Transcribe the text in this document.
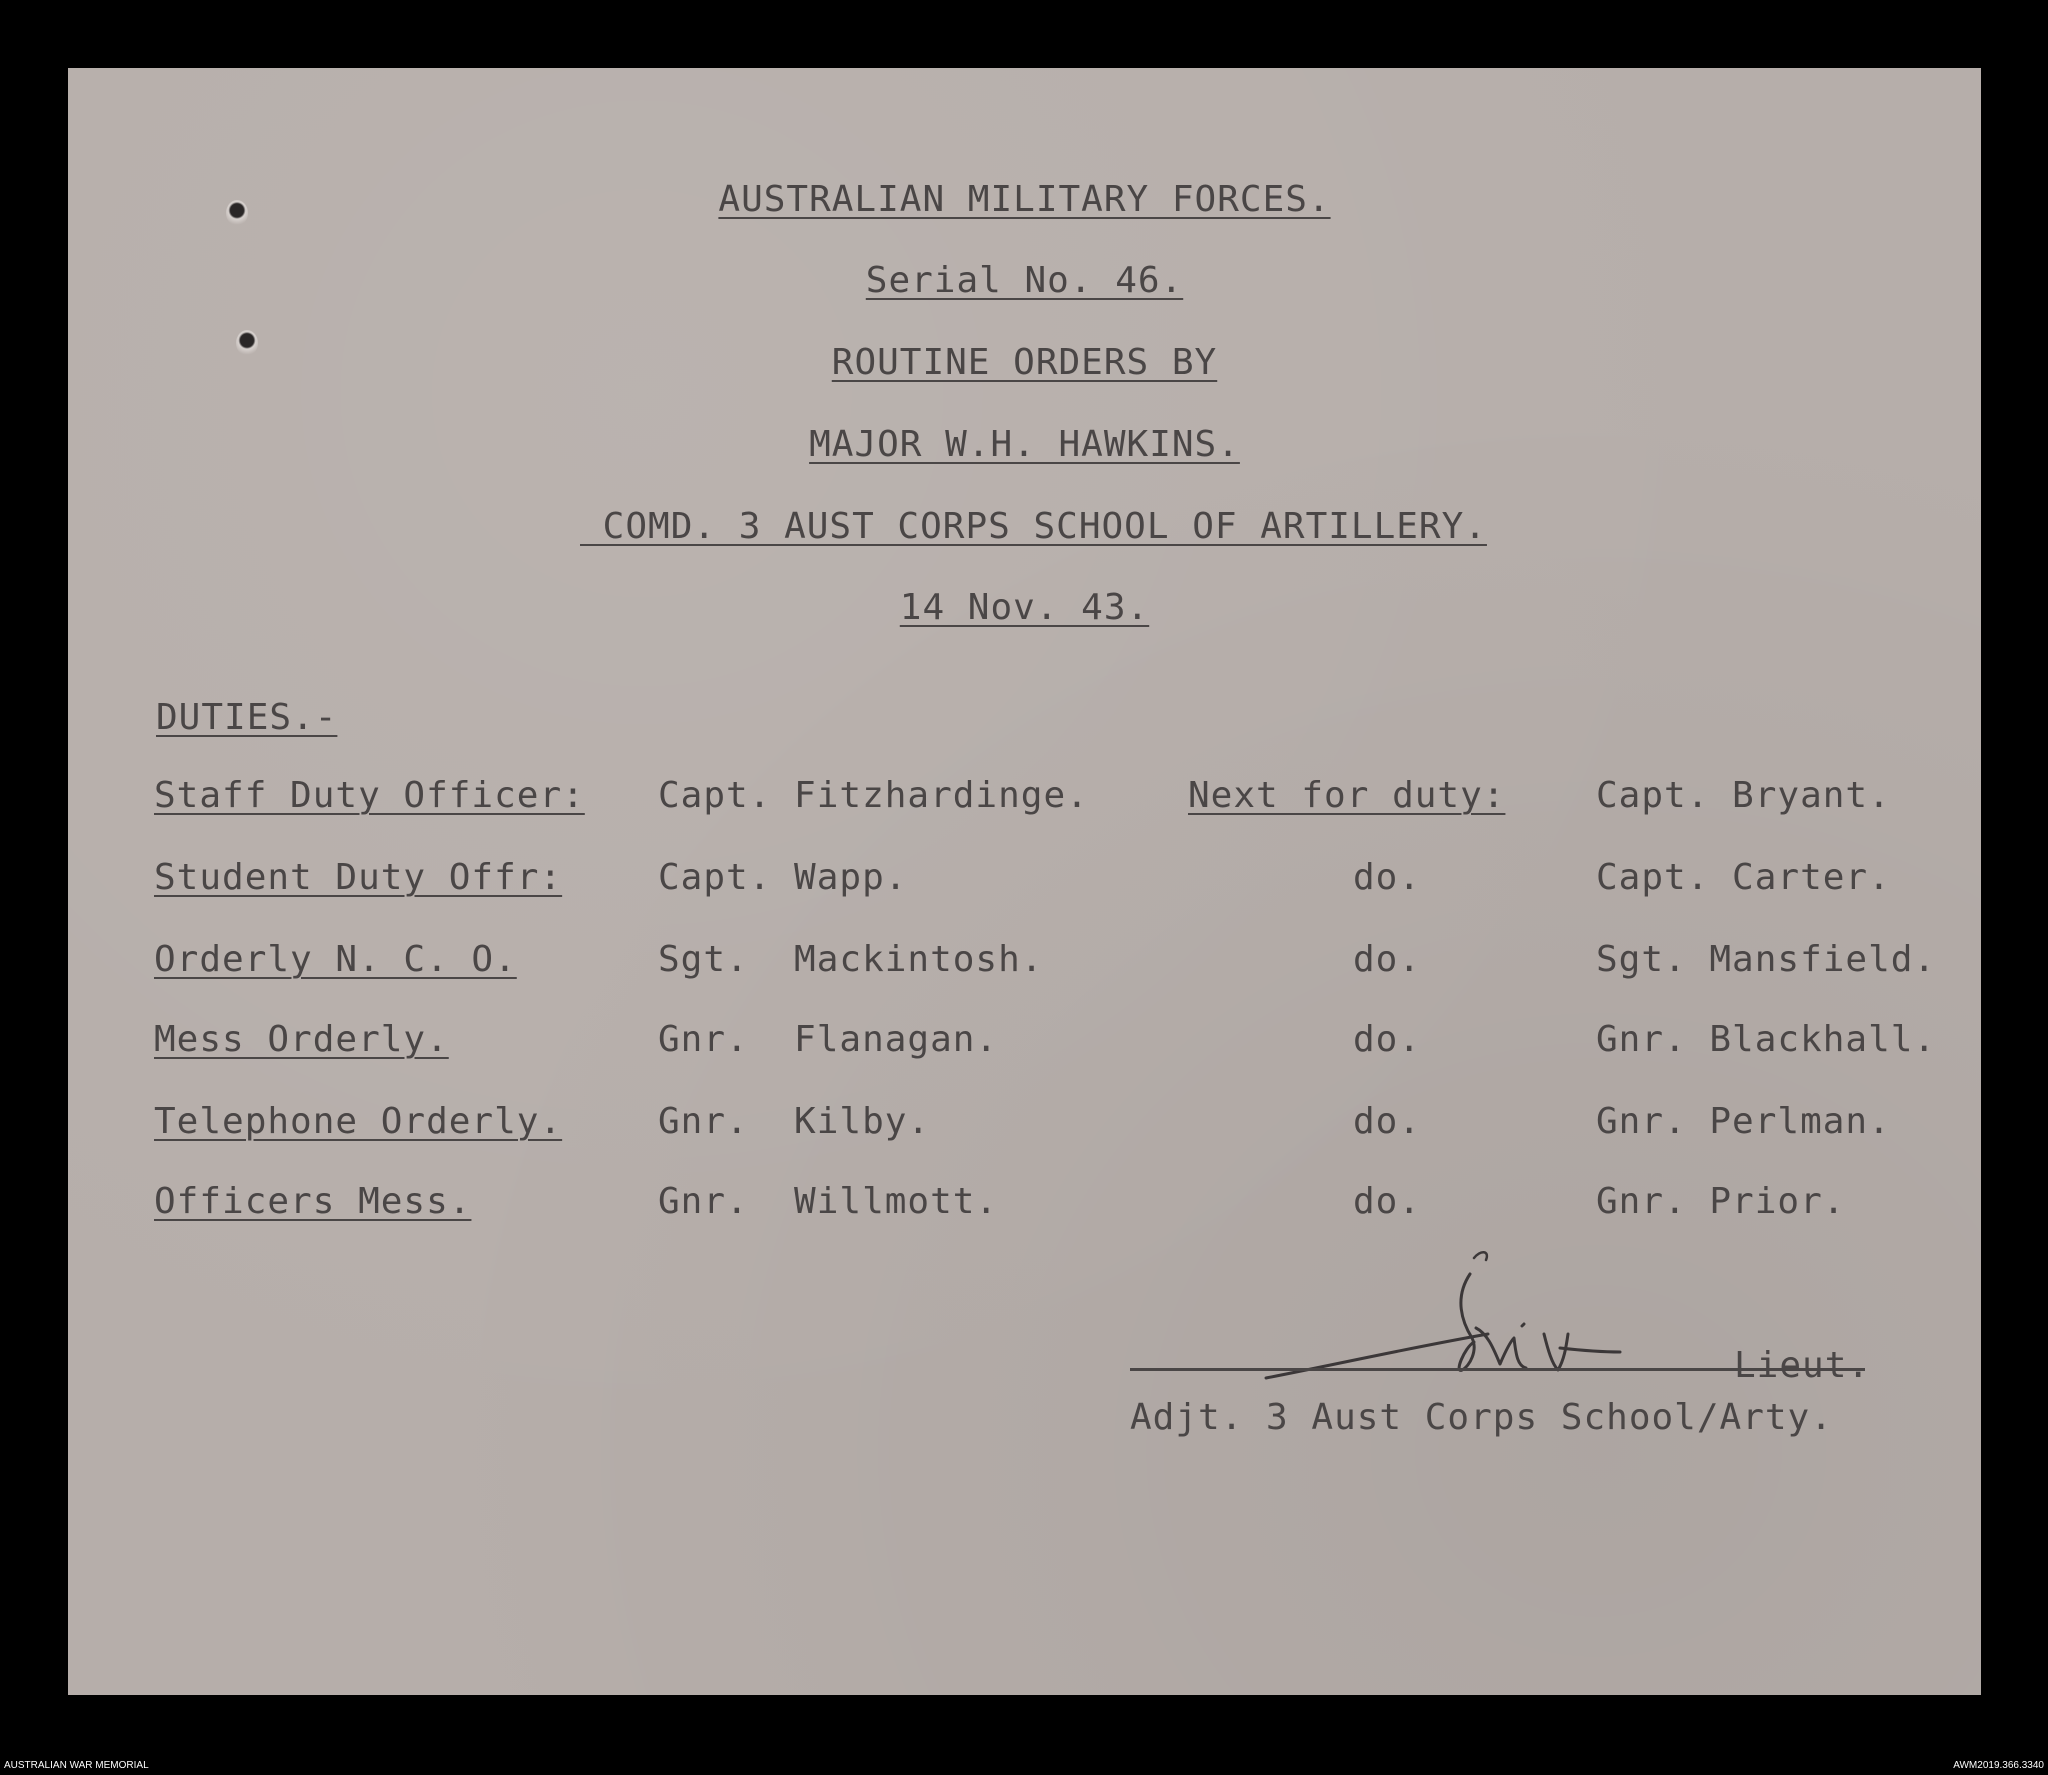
AUSTRALIAN MILITARY FORCES.
Serial No. 46.
ROUTINE ORDERS BY
MAJOR W.H. HAWKINS.
COMD. 3 AUST CORPS SCHOOL OF ARTILLERY.
14 Nov. 43.
DUTIES.-
Staff Duty Officer: Capt. Fitzhardinge.	Next for duty:	Capt. Bryant.
Student Duty Offr:	Capt. Wapp.	do.	Capt. Carter.
Orderly N. C. O.	Sgt.  Mackintosh.	do.	Sgt. Mansfield.
Mess Orderly.	Gnr.  Flanagan.	do.	Gnr. Blackhall.
Telephone Orderly.	Gnr.  Kilby.	do.	Gnr. Perlman.
Officers Mess.	Gnr.  Willmott.	do.	Gnr. Prior.
Lieut.
Adjt. 3 Aust Corps School/Arty.
AUSTRALIAN WAR MEMORIAL	AWM2019.366.3340
